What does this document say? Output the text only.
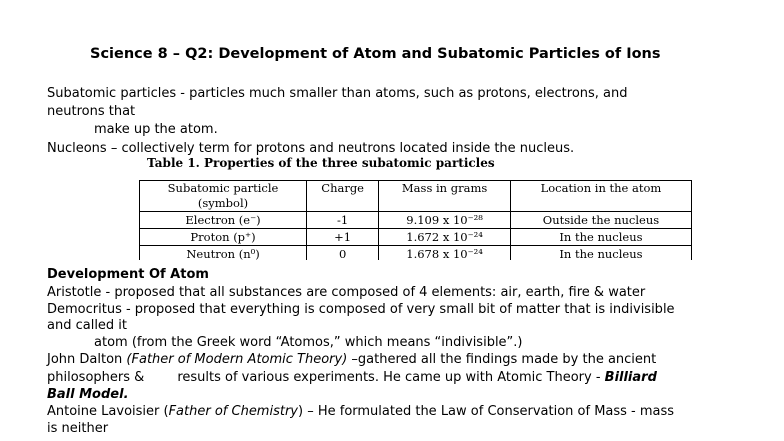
Science 8 – Q2: Development of Atom and Subatomic Particles of Ions
Subatomic particles - particles much smaller than atoms, such as protons, electrons, and
neutrons that
make up the atom.
Nucleons – collectively term for protons and neutrons located inside the nucleus.
Table 1. Properties of the three subatomic particles
Subatomic particle
(symbol)	Charge	Mass in grams	Location in the atom
Electron (e⁻)	-1	9.109 x 10⁻²⁸	Outside the nucleus
Proton (p⁺)	+1	1.672 x 10⁻²⁴	In the nucleus
Neutron (n⁰)	0	1.678 x 10⁻²⁴	In the nucleus
Development Of Atom
Aristotle - proposed that all substances are composed of 4 elements: air, earth, fire & water
Democritus - proposed that everything is composed of very small bit of matter that is indivisible
and called it
atom (from the Greek word “Atomos,” which means “indivisible”.)
John Dalton (Father of Modern Atomic Theory) –gathered all the findings made by the ancient
philosophers &        results of various experiments. He came up with Atomic Theory - Billiard
Ball Model.
Antoine Lavoisier (Father of Chemistry) – He formulated the Law of Conservation of Mass - mass
is neither
